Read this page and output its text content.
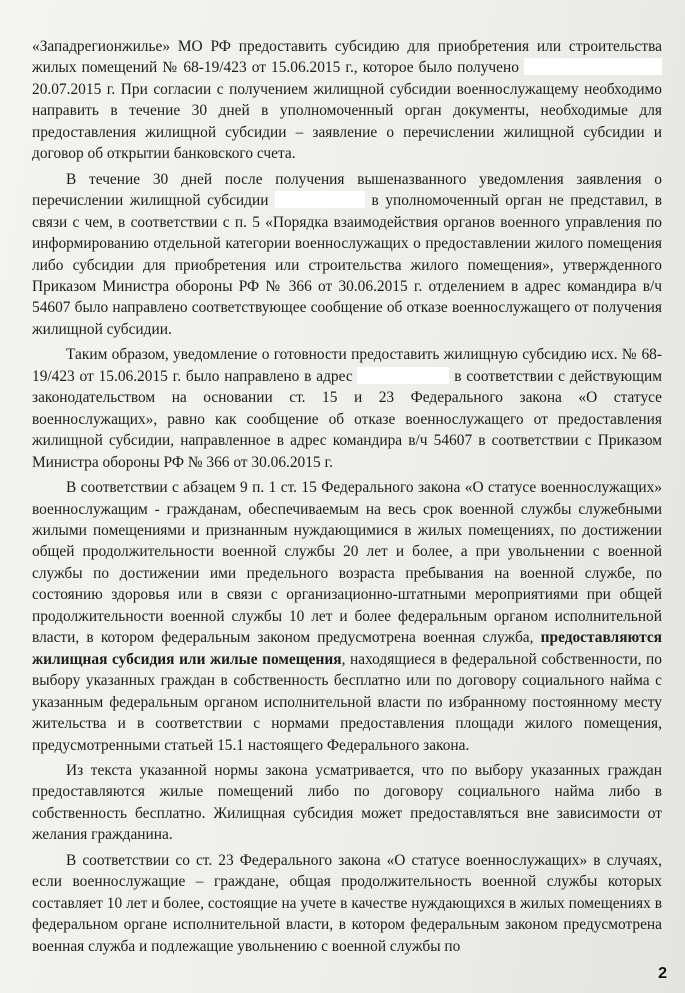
«Западрегионжилье» МО РФ предоставить субсидию для приобретения или строительства жилых помещений № 68-19/423 от 15.06.2015 г., которое было получено  20.07.2015 г. При согласии с получением жилищной субсидии военнослужащему необходимо направить в течение 30 дней в уполномоченный орган документы, необходимые для предоставления жилищной субсидии – заявление о перечислении жилищной субсидии и договор об открытии банковского счета.

В течение 30 дней после получения вышеназванного уведомления заявления о перечислении жилищной субсидии	в уполномоченный орган не представил, в связи с чем, в соответствии с п. 5 «Порядка взаимодействия органов военного управления по информированию отдельной категории военнослужащих о предоставлении жилого помещения либо субсидии для приобретения или строительства жилого помещения», утвержденного Приказом Министра обороны РФ № 366 от 30.06.2015 г. отделением в адрес командира в/ч 54607 было направлено соответствующее сообщение об отказе военнослужащего от получения жилищной субсидии.

Таким образом, уведомление о готовности предоставить жилищную субсидию исх. № 68-19/423 от 15.06.2015 г. было направлено в адрес	в соответствии с действующим законодательством на основании ст. 15 и 23 Федерального закона «О статусе военнослужащих», равно как сообщение об отказе военнослужащего от предоставления жилищной субсидии, направленное в адрес командира в/ч 54607 в соответствии с Приказом Министра обороны РФ № 366 от 30.06.2015 г.

В соответствии с абзацем 9 п. 1 ст. 15 Федерального закона «О статусе военнослужащих» военнослужащим - гражданам, обеспечиваемым на весь срок военной службы служебными жилыми помещениями и признанным нуждающимися в жилых помещениях, по достижении общей продолжительности военной службы 20 лет и более, а при увольнении с военной службы по достижении ими предельного возраста пребывания на военной службе, по состоянию здоровья или в связи с организационно-штатными мероприятиями при общей продолжительности военной службы 10 лет и более федеральным органом исполнительной власти, в котором федеральным законом предусмотрена военная служба, предоставляются жилищная субсидия или жилые помещения, находящиеся в федеральной собственности, по выбору указанных граждан в собственность бесплатно или по договору социального найма с указанным федеральным органом исполнительной власти по избранному постоянному месту жительства и в соответствии с нормами предоставления площади жилого помещения, предусмотренными статьей 15.1 настоящего Федерального закона.

Из текста указанной нормы закона усматривается, что по выбору указанных граждан предоставляются жилые помещений либо по договору социального найма либо в собственность бесплатно. Жилищная субсидия может предоставляться вне зависимости от желания гражданина.

В соответствии со ст. 23 Федерального закона «О статусе военнослужащих» в случаях, если военнослужащие – граждане, общая продолжительность военной службы которых составляет 10 лет и более, состоящие на учете в качестве нуждающихся в жилых помещениях в федеральном органе исполнительной власти, в котором федеральным законом предусмотрена военная служба и подлежащие увольнению с военной службы по

2
